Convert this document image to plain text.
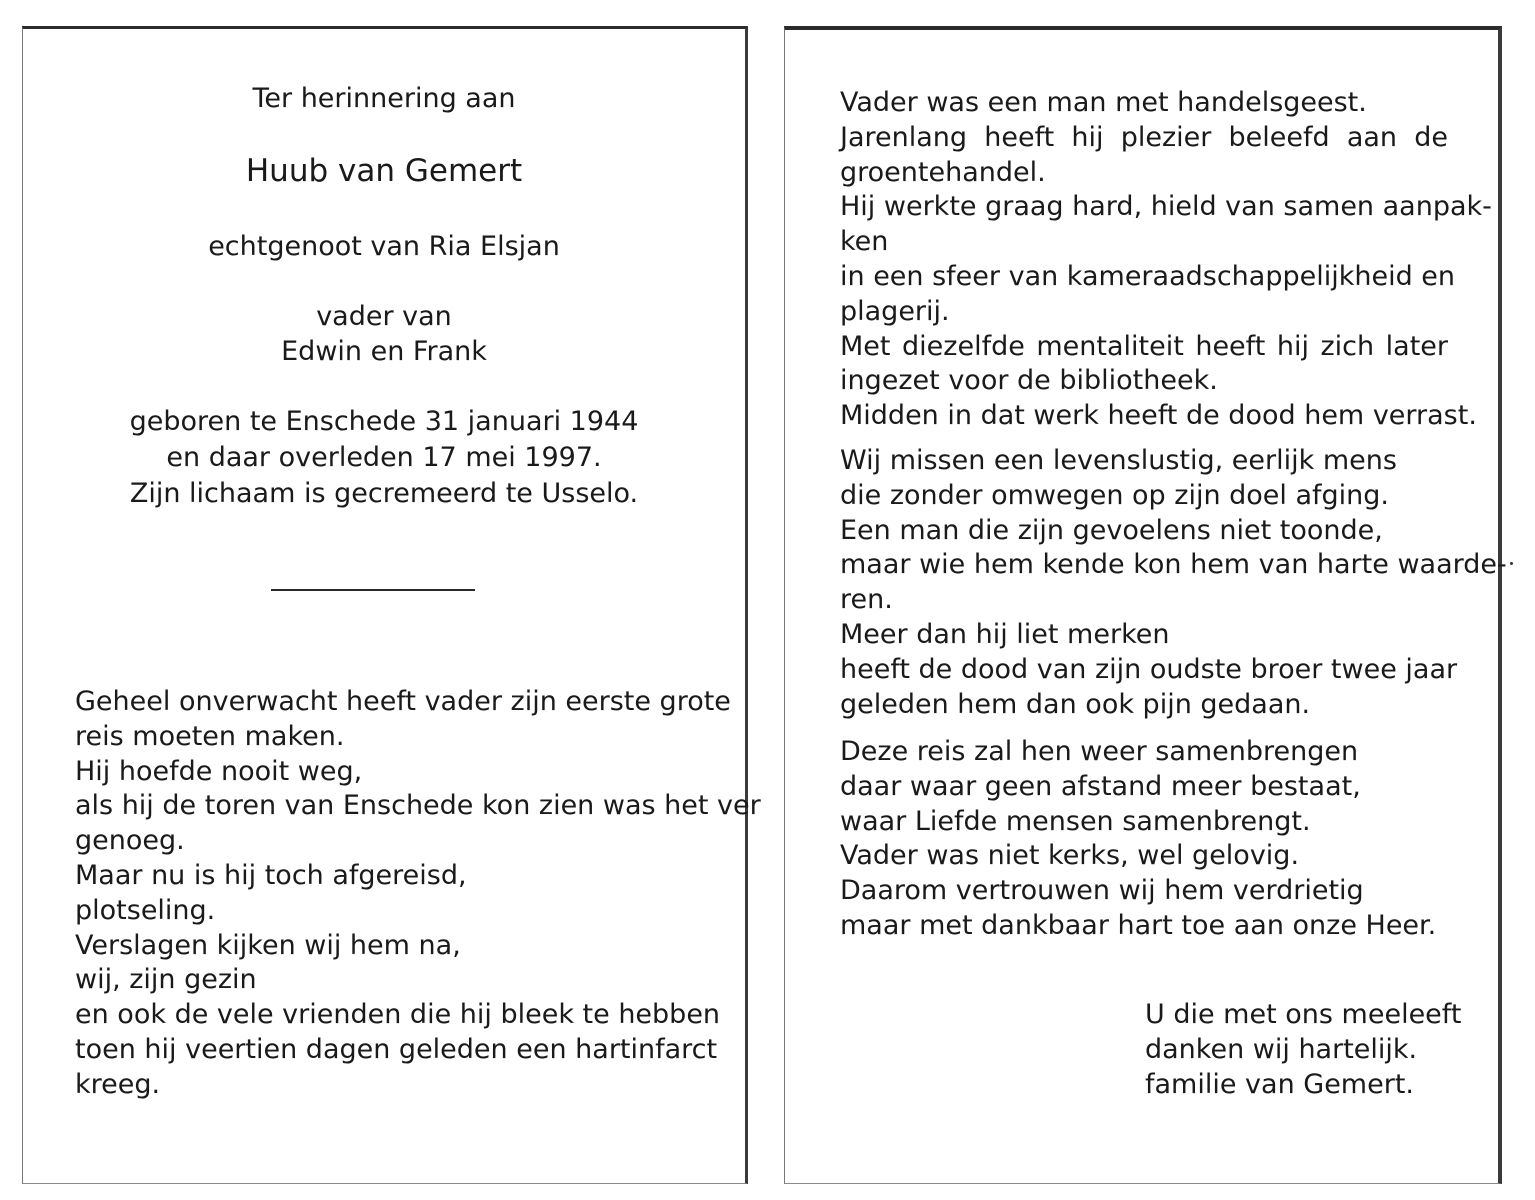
Ter herinnering aan
Huub van Gemert
echtgenoot van Ria Elsjan
vader van
Edwin en Frank
geboren te Enschede 31 januari 1944
en daar overleden 17 mei 1997.
Zijn lichaam is gecremeerd te Usselo.
Geheel onverwacht heeft vader zijn eerste grote
reis moeten maken.
Hij hoefde nooit weg,
als hij de toren van Enschede kon zien was het ver
genoeg.
Maar nu is hij toch afgereisd,
plotseling.
Verslagen kijken wij hem na,
wij, zijn gezin
en ook de vele vrienden die hij bleek te hebben
toen hij veertien dagen geleden een hartinfarct
kreeg.
Vader was een man met handelsgeest.
Jarenlang heeft hij plezier beleefd aan de
groentehandel.
Hij werkte graag hard, hield van samen aanpak-
ken
in een sfeer van kameraadschappelijkheid en
plagerij.
Met diezelfde mentaliteit heeft hij zich later
ingezet voor de bibliotheek.
Midden in dat werk heeft de dood hem verrast.
Wij missen een levenslustig, eerlijk mens
die zonder omwegen op zijn doel afging.
Een man die zijn gevoelens niet toonde,
maar wie hem kende kon hem van harte waarde-
ren.
Meer dan hij liet merken
heeft de dood van zijn oudste broer twee jaar
geleden hem dan ook pijn gedaan.
Deze reis zal hen weer samenbrengen
daar waar geen afstand meer bestaat,
waar Liefde mensen samenbrengt.
Vader was niet kerks, wel gelovig.
Daarom vertrouwen wij hem verdrietig
maar met dankbaar hart toe aan onze Heer.
U die met ons meeleeft
danken wij hartelijk.
familie van Gemert.
